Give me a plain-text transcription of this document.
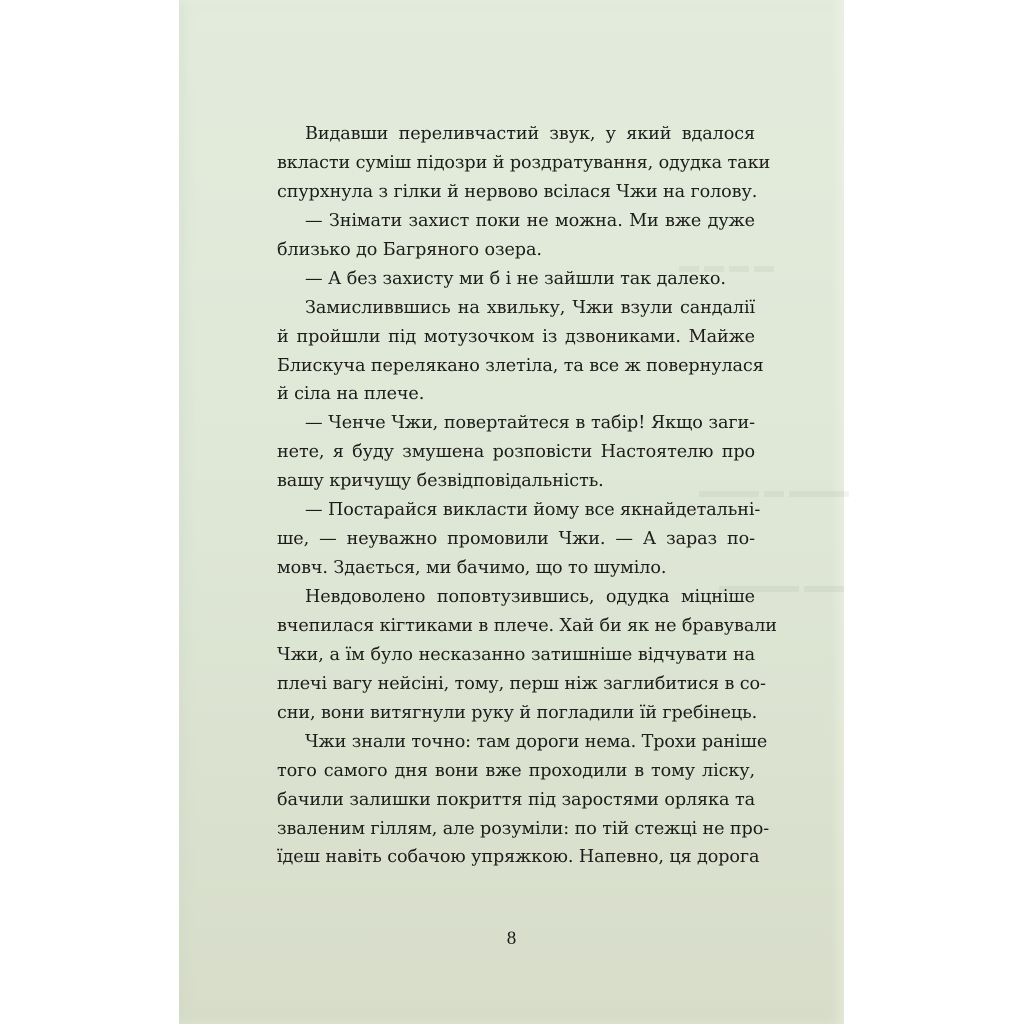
▬ ▬ ▬ ▬
▬▬▬ ▬ ▬▬▬
▬▬▬▬ ▬▬
Видавши переливчастий звук, у який вдалося
вкласти суміш підозри й роздратування, одудка таки
спурхнула з гілки й нервово всілася Чжи на голову.
— Знімати захист поки не можна. Ми вже дуже
близько до Багряного озера.
— А без захисту ми б і не зайшли так далеко.
Замисливвшись на хвильку, Чжи взули сандалії
й пройшли під мотузочком із дзвониками. Майже
Блискуча перелякано злетіла, та все ж повернулася
й сіла на плече.
— Ченче Чжи, повертайтеся в табір! Якщо заги-
нете, я буду змушена розповісти Настоятелю про
вашу кричущу безвідповідальність.
— Постарайся викласти йому все якнайдетальні-
ше, — неуважно промовили Чжи. — А зараз по-
мовч. Здається, ми бачимо, що то шуміло.
Невдоволено поповтузившись, одудка міцніше
вчепилася кігтиками в плече. Хай би як не бравували
Чжи, а їм було несказанно затишніше відчувати на
плечі вагу нейсіні, тому, перш ніж заглибитися в со-
сни, вони витягнули руку й погладили їй гребінець.
Чжи знали точно: там дороги нема. Трохи раніше
того самого дня вони вже проходили в тому ліску,
бачили залишки покриття під заростями орляка та
зваленим гіллям, але розуміли: по тій стежці не про-
їдеш навіть собачою упряжкою. Напевно, ця дорога
8
